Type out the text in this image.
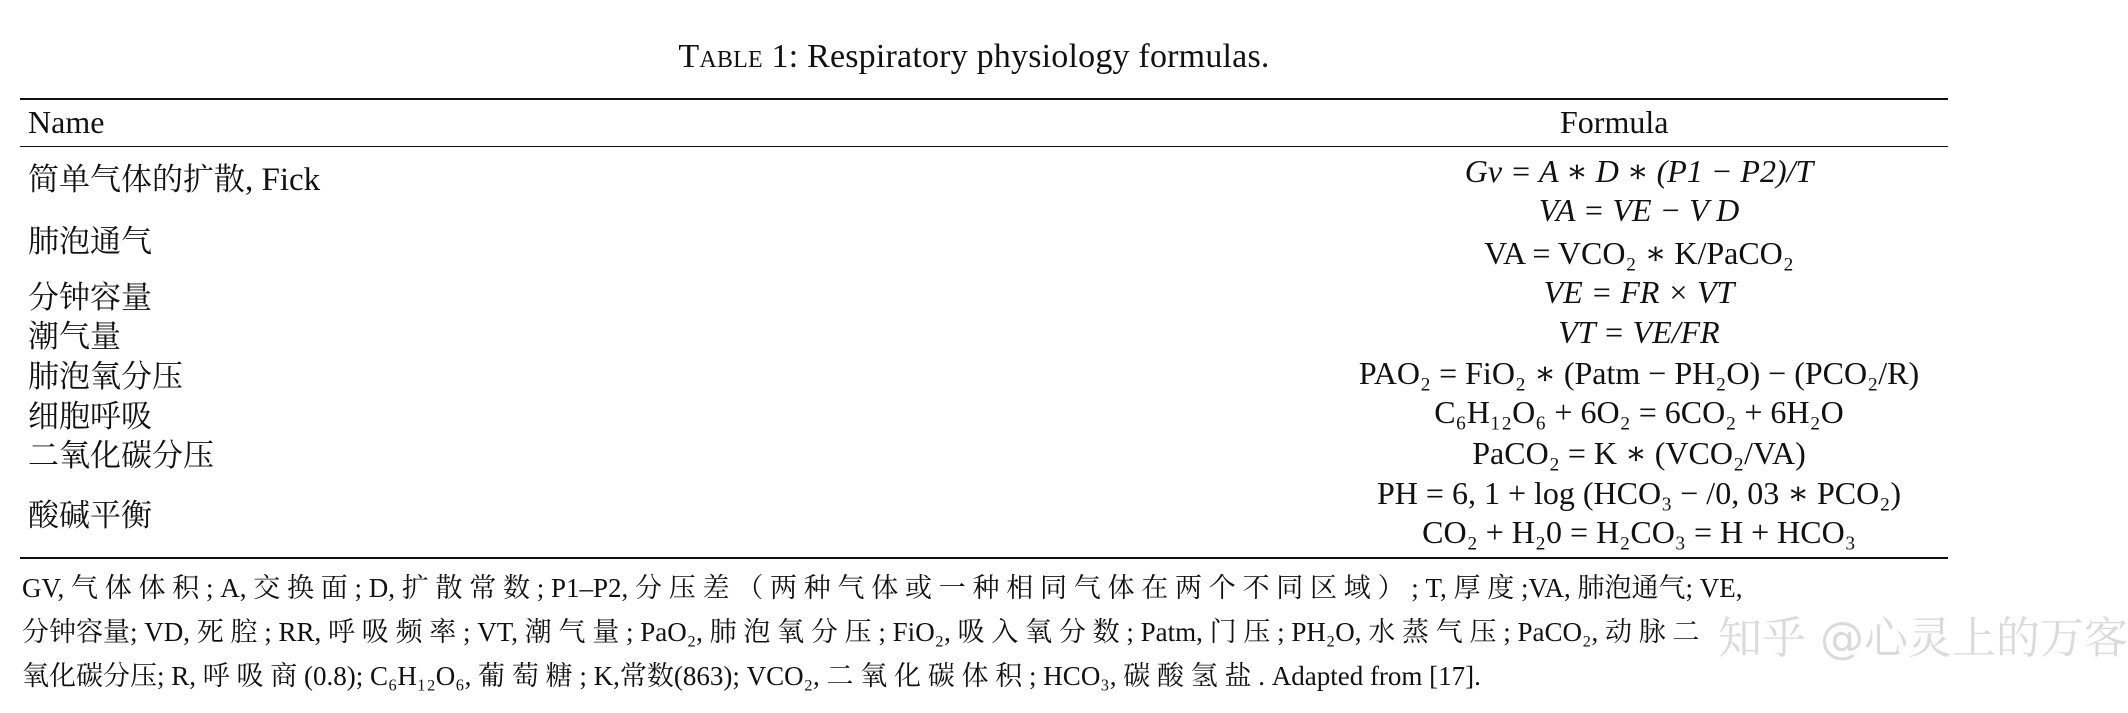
Table 1: Respiratory physiology formulas.
Name	Formula
简单气体的扩散, Fick
肺泡通气
分钟容量
潮气量
肺泡氧分压
细胞呼吸
二氧化碳分压
酸碱平衡
Gv = A ∗ D ∗ (P1 − P2)/T
VA = VE − V D
VA = VCO₂ ∗ K/PaCO₂
VE = FR × VT
VT = VE/FR
PAO₂ = FiO₂ ∗ (Patm − PH₂O) − (PCO₂/R)
C₆H₁₂O₆ + 6O₂ = 6CO₂ + 6H₂O
PaCO₂ = K ∗ (VCO₂/VA)
PH = 6, 1 + log (HCO₃ − /0, 03 ∗ PCO₂)
CO₂ + H₂0 = H₂CO₃ = H + HCO₃
GV, 气 体 体 积 ; A, 交 换 面 ; D, 扩 散 常 数 ; P1–P2, 分 压 差 （ 两 种 气 体 或 一 种 相 同 气 体 在 两 个 不 同 区 域 ） ; T, 厚 度 ;VA, 肺泡通气; VE,
分钟容量; VD, 死 腔 ; RR, 呼 吸 频 率 ; VT, 潮 气 量 ; PaO₂, 肺 泡 氧 分 压 ; FiO₂, 吸 入 氧 分 数 ; Patm, 门 压 ; PH₂O, 水 蒸 气 压 ; PaCO₂, 动 脉 二
氧化碳分压; R, 呼 吸 商 (0.8); C₆H₁₂O₆, 葡 萄 糖 ; K,常数(863); VCO₂, 二 氧 化 碳 体 积 ; HCO₃, 碳 酸 氢 盐 . Adapted from [17].
知乎 @心灵上的万客
